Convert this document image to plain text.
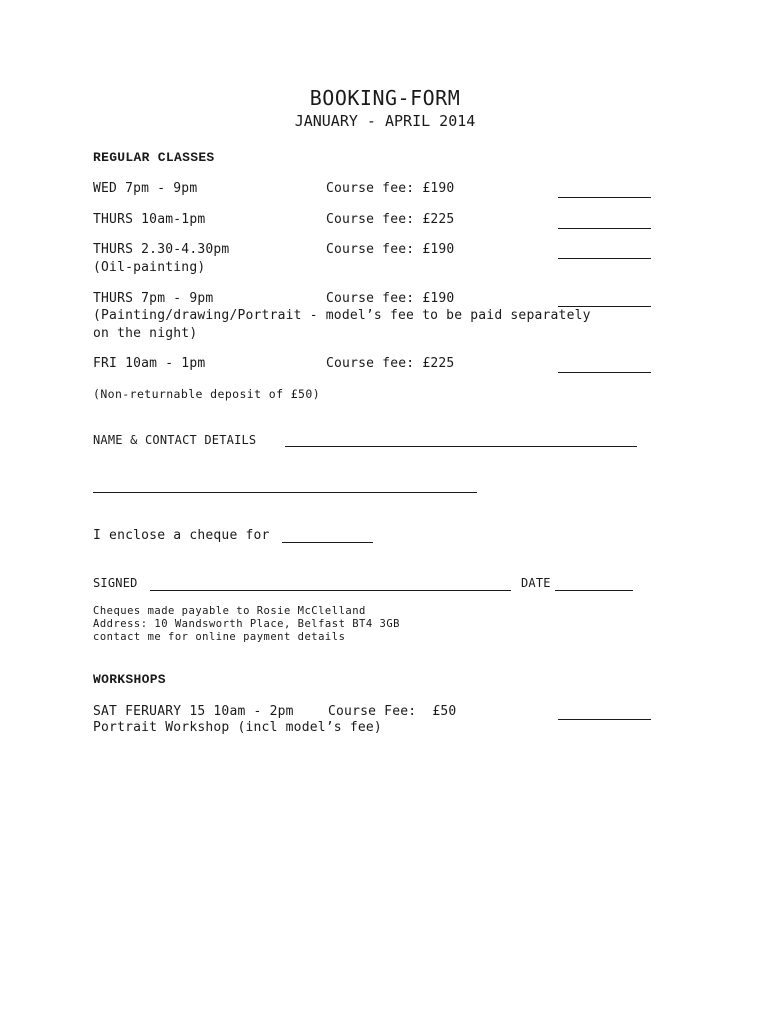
BOOKING-FORM
JANUARY - APRIL 2014
REGULAR CLASSES
WED 7pm - 9pm	Course fee: £190
THURS 10am-1pm	Course fee: £225
THURS 2.30-4.30pm	Course fee: £190
(Oil-painting)
THURS 7pm - 9pm	Course fee: £190
(Painting/drawing/Portrait - model’s fee to be paid separately
on the night)
FRI 10am - 1pm	Course fee: £225
(Non-returnable deposit of £50)
NAME & CONTACT DETAILS
I enclose a cheque for
SIGNED	DATE
Cheques made payable to Rosie McClelland
Address: 10 Wandsworth Place, Belfast BT4 3GB
contact me for online payment details
WORKSHOPS
SAT FERUARY 15 10am - 2pm	Course Fee:  £50
Portrait Workshop (incl model’s fee)
